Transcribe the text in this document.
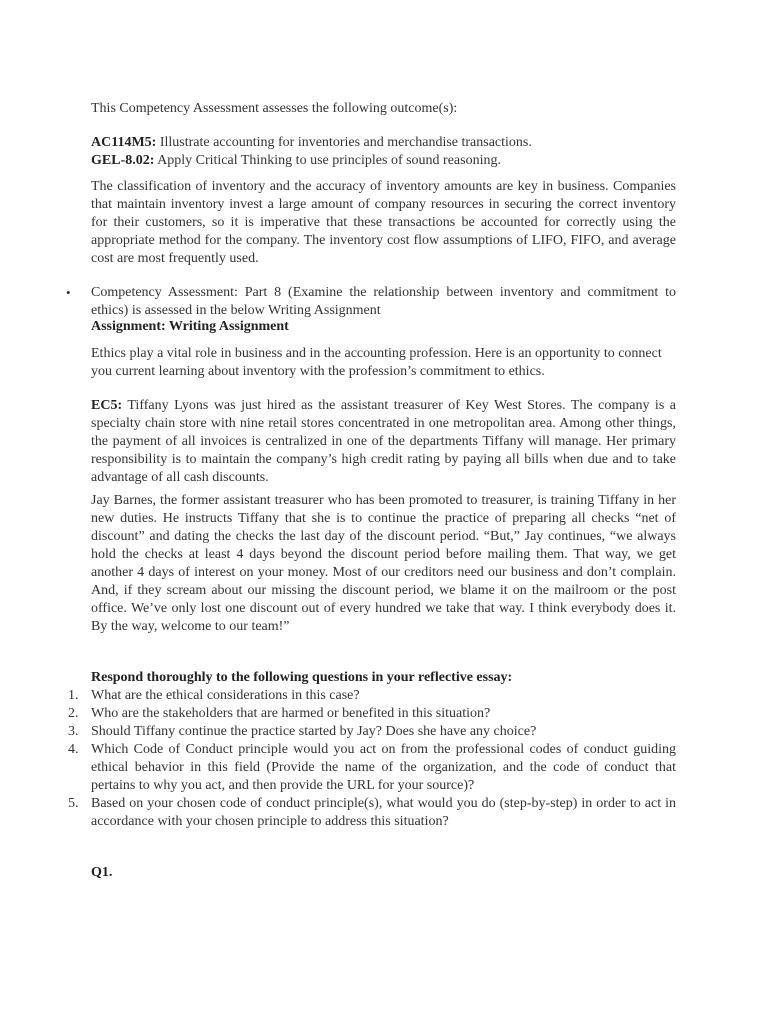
This Competency Assessment assesses the following outcome(s):

AC114M5: Illustrate accounting for inventories and merchandise transactions.

GEL-8.02: Apply Critical Thinking to use principles of sound reasoning.

The classification of inventory and the accuracy of inventory amounts are key in business. Companies that maintain inventory invest a large amount of company resources in securing the correct inventory for their customers, so it is imperative that these transactions be accounted for correctly using the appropriate method for the company. The inventory cost flow assumptions of LIFO, FIFO, and average cost are most frequently used.

• Competency Assessment: Part 8 (Examine the relationship between inventory and commitment to ethics) is assessed in the below Writing Assignment

Assignment: Writing Assignment

Ethics play a vital role in business and in the accounting profession. Here is an opportunity to connect you current learning about inventory with the profession’s commitment to ethics.

EC5: Tiffany Lyons was just hired as the assistant treasurer of Key West Stores. The company is a specialty chain store with nine retail stores concentrated in one metropolitan area. Among other things, the payment of all invoices is centralized in one of the departments Tiffany will manage. Her primary responsibility is to maintain the company’s high credit rating by paying all bills when due and to take advantage of all cash discounts.

Jay Barnes, the former assistant treasurer who has been promoted to treasurer, is training Tiffany in her new duties. He instructs Tiffany that she is to continue the practice of preparing all checks “net of discount” and dating the checks the last day of the discount period. “But,” Jay continues, “we always hold the checks at least 4 days beyond the discount period before mailing them. That way, we get another 4 days of interest on your money. Most of our creditors need our business and don’t complain. And, if they scream about our missing the discount period, we blame it on the mailroom or the post office. We’ve only lost one discount out of every hundred we take that way. I think everybody does it. By the way, welcome to our team!”

Respond thoroughly to the following questions in your reflective essay:

1. What are the ethical considerations in this case?
2. Who are the stakeholders that are harmed or benefited in this situation?
3. Should Tiffany continue the practice started by Jay? Does she have any choice?
4. Which Code of Conduct principle would you act on from the professional codes of conduct guiding ethical behavior in this field (Provide the name of the organization, and the code of conduct that pertains to why you act, and then provide the URL for your source)?
5. Based on your chosen code of conduct principle(s), what would you do (step-by-step) in order to act in accordance with your chosen principle to address this situation?

Q1.
